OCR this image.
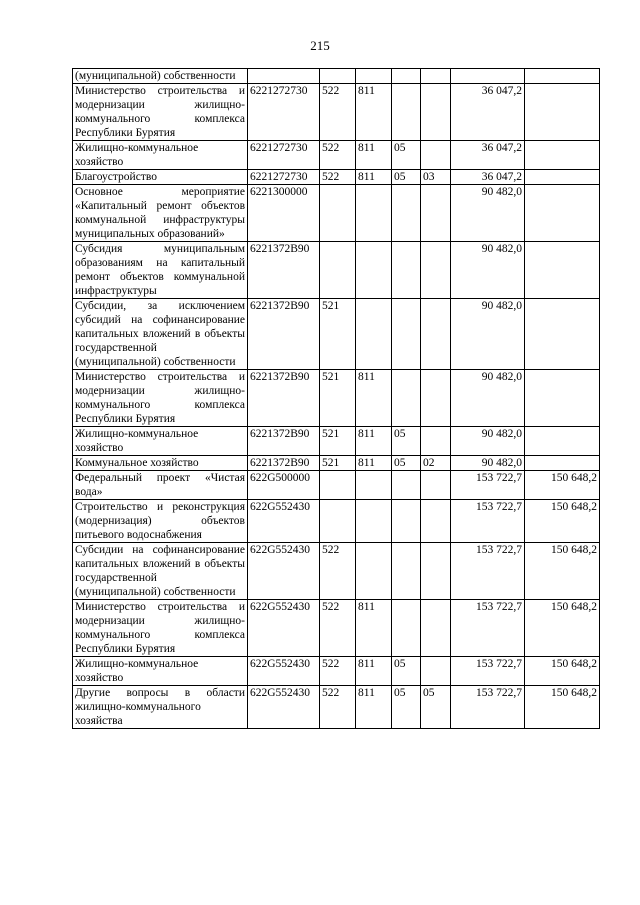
215
(муниципальной) собственности							
Министерство строительства и модернизации жилищно-коммунального комплекса Республики Бурятия	6221272730	522	811			36 047,2	
Жилищно-коммунальное хозяйство	6221272730	522	811	05		36 047,2	
Благоустройство	6221272730	522	811	05	03	36 047,2	
Основное мероприятие «Капитальный ремонт объектов коммунальной инфраструктуры муниципальных образований»	6221300000					90 482,0	
Субсидия муниципальным образованиям на капитальный ремонт объектов коммунальной инфраструктуры	6221372B90					90 482,0	
Субсидии, за исключением субсидий на софинансирование капитальных вложений в объекты государственной (муниципальной) собственности	6221372B90	521				90 482,0	
Министерство строительства и модернизации жилищно-коммунального комплекса Республики Бурятия	6221372B90	521	811			90 482,0	
Жилищно-коммунальное хозяйство	6221372B90	521	811	05		90 482,0	
Коммунальное хозяйство	6221372B90	521	811	05	02	90 482,0	
Федеральный проект «Чистая вода»	622G500000					153 722,7	150 648,2
Строительство и реконструкция (модернизация) объектов питьевого водоснабжения	622G552430					153 722,7	150 648,2
Субсидии на софинансирование капитальных вложений в объекты государственной (муниципальной) собственности	622G552430	522				153 722,7	150 648,2
Министерство строительства и модернизации жилищно-коммунального комплекса Республики Бурятия	622G552430	522	811			153 722,7	150 648,2
Жилищно-коммунальное хозяйство	622G552430	522	811	05		153 722,7	150 648,2
Другие вопросы в области жилищно-коммунального хозяйства	622G552430	522	811	05	05	153 722,7	150 648,2
